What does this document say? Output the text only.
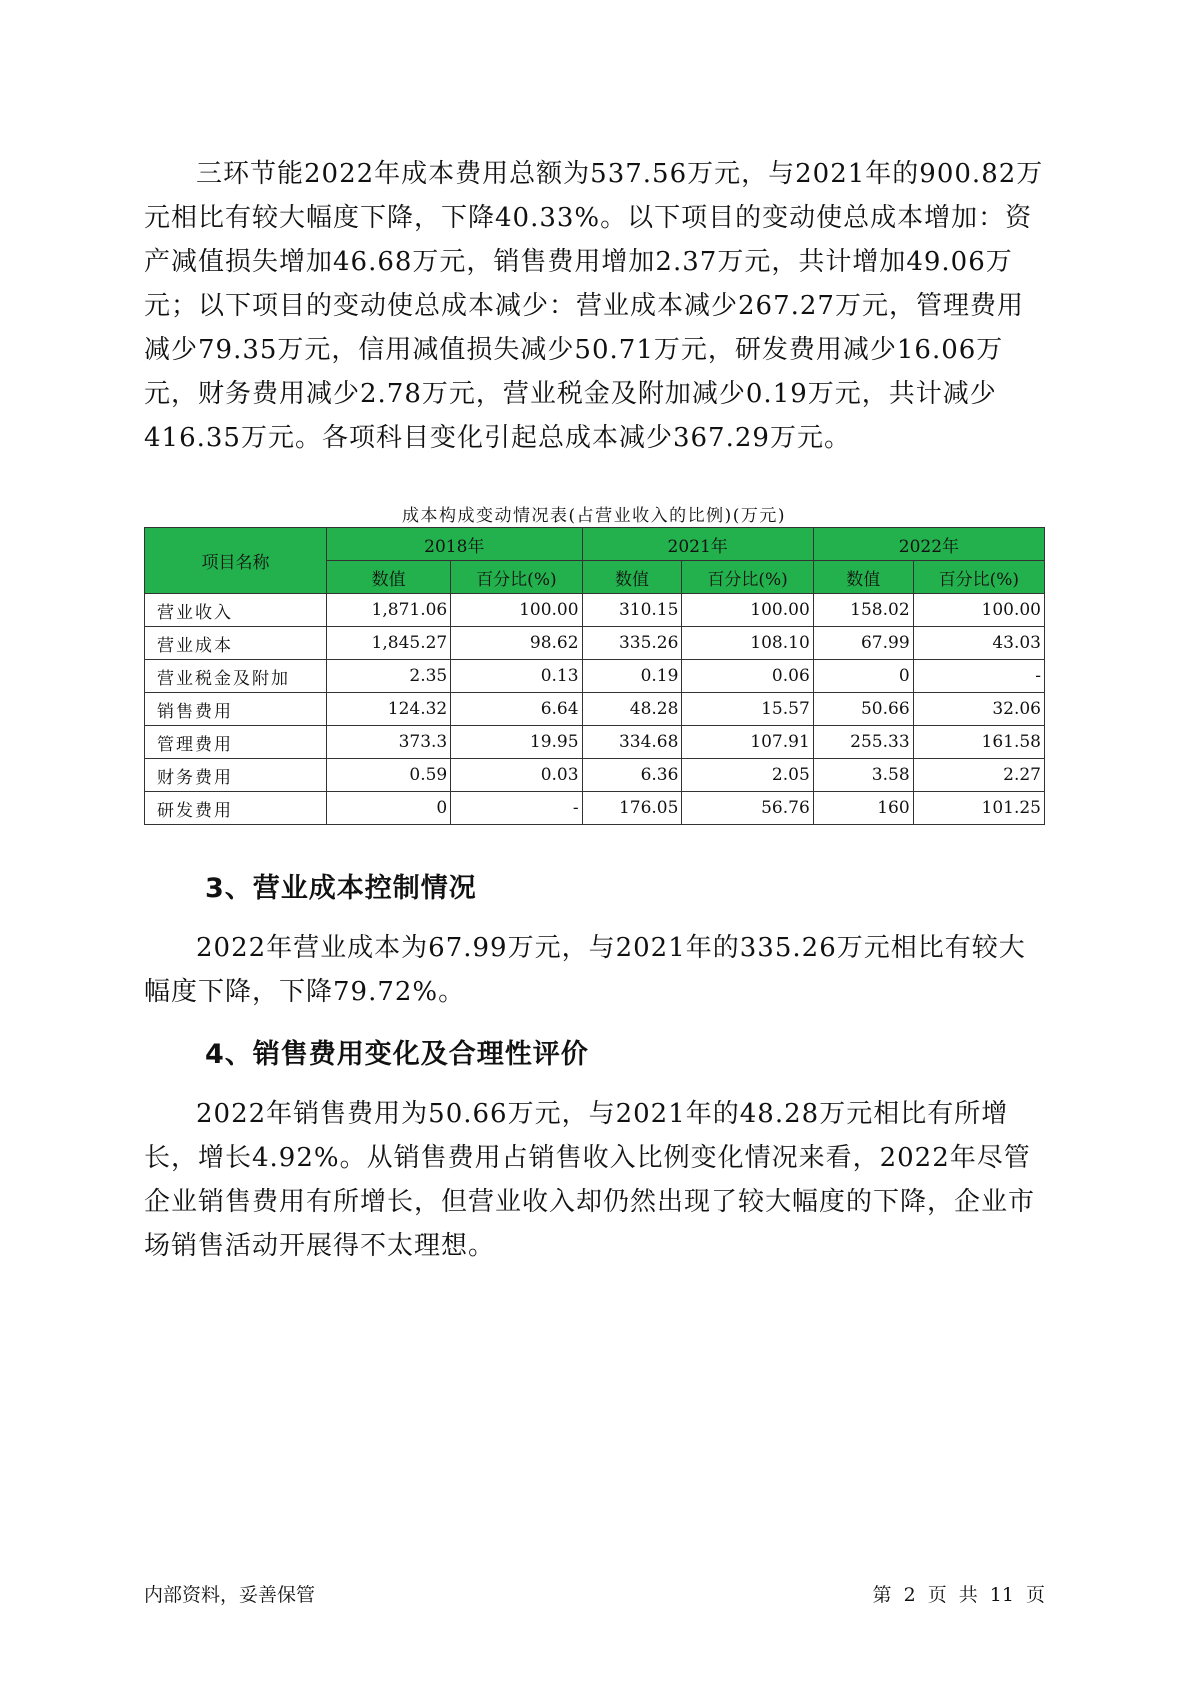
三环节能2022年成本费用总额为537.56万元，与2021年的900.82万元相比有较大幅度下降，下降40.33%。以下项目的变动使总成本增加：资产减值损失增加46.68万元，销售费用增加2.37万元，共计增加49.06万元；以下项目的变动使总成本减少：营业成本减少267.27万元，管理费用减少79.35万元，信用减值损失减少50.71万元，研发费用减少16.06万元，财务费用减少2.78万元，营业税金及附加减少0.19万元，共计减少416.35万元。各项科目变化引起总成本减少367.29万元。

成本构成变动情况表(占营业收入的比例)(万元)
项目名称	2018年		2021年		2022年	
	数值	百分比(%)	数值	百分比(%)	数值	百分比(%)
营业收入	1,871.06	100.00	310.15	100.00	158.02	100.00
营业成本	1,845.27	98.62	335.26	108.10	67.99	43.03
营业税金及附加	2.35	0.13	0.19	0.06	0	-
销售费用	124.32	6.64	48.28	15.57	50.66	32.06
管理费用	373.3	19.95	334.68	107.91	255.33	161.58
财务费用	0.59	0.03	6.36	2.05	3.58	2.27
研发费用	0	-	176.05	56.76	160	101.25
3、营业成本控制情况

2022年营业成本为67.99万元，与2021年的335.26万元相比有较大幅度下降，下降79.72%。

4、销售费用变化及合理性评价

2022年销售费用为50.66万元，与2021年的48.28万元相比有所增长，增长4.92%。从销售费用占销售收入比例变化情况来看，2022年尽管企业销售费用有所增长，但营业收入却仍然出现了较大幅度的下降，企业市场销售活动开展得不太理想。

内部资料，妥善保管	第 2 页 共 11 页
